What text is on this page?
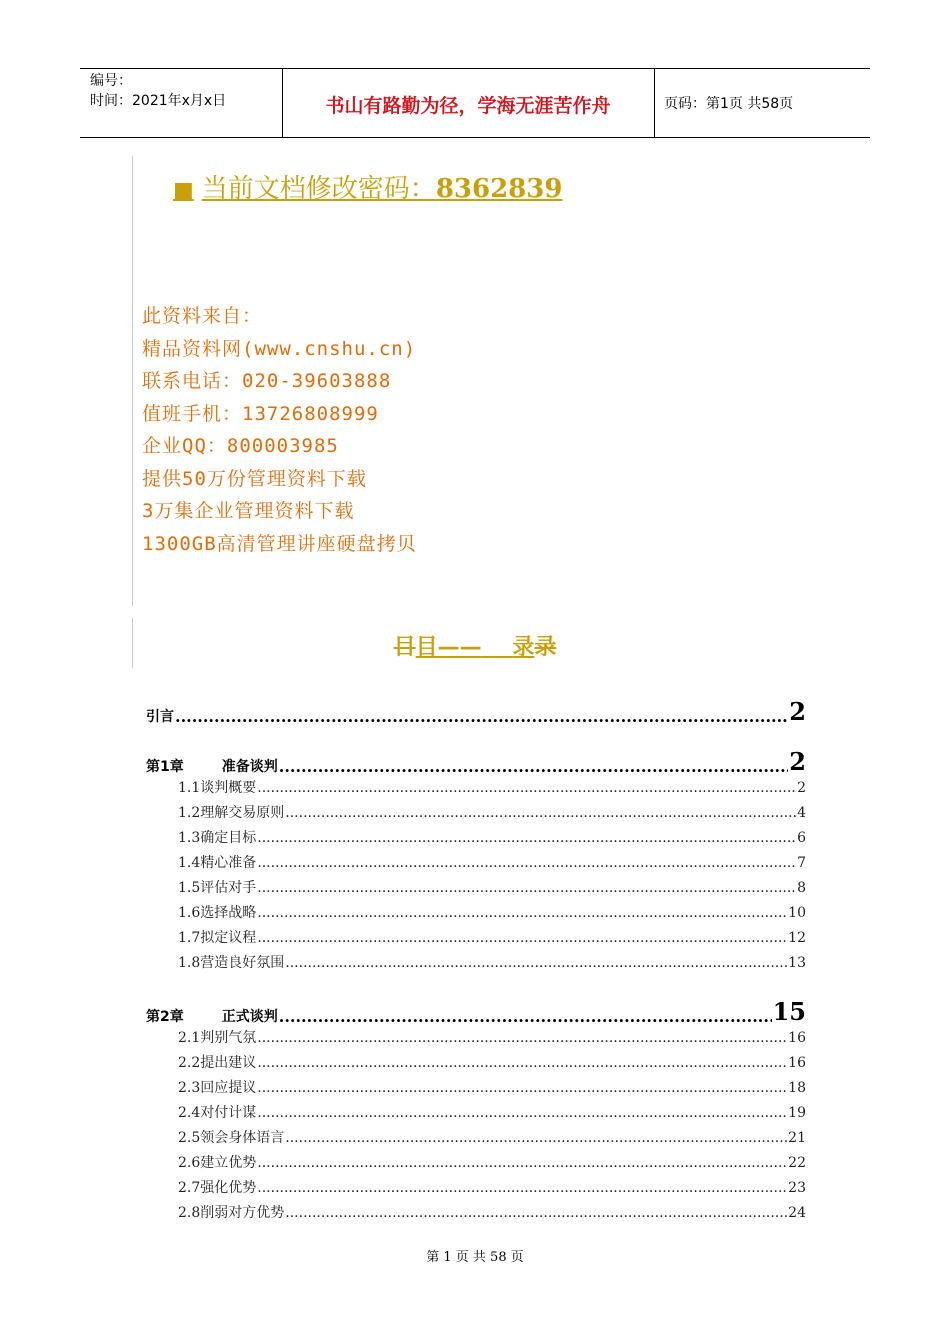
编号：
时间：2021年x月x日	书山有路勤为径，学海无涯苦作舟	页码：第1页 共58页
■ 当前文档修改密码：8362839
此资料来自：
精品资料网(www.cnshu.cn)
联系电话：020-39603888
值班手机：13726808999
企业QQ：800003985
提供50万份管理资料下载
3万集企业管理资料下载
1300GB高清管理讲座硬盘拷贝
目目—— 录录
引言 .....	2
第1章	准备谈判 .....	2
1.1谈判概要 .....	2
1.2理解交易原则 .....	4
1.3确定目标 .....	6
1.4精心准备 .....	7
1.5评估对手 .....	8
1.6选择战略 .....	10
1.7拟定议程 .....	12
1.8营造良好氛围 .....	13
第2章	正式谈判 .....	15
2.1判别气氛 .....	16
2.2提出建议 .....	16
2.3回应提议 .....	18
2.4对付计谋 .....	19
2.5领会身体语言 .....	21
2.6建立优势 .....	22
2.7强化优势 .....	23
2.8削弱对方优势 .....	24
第 1 页 共 58 页
